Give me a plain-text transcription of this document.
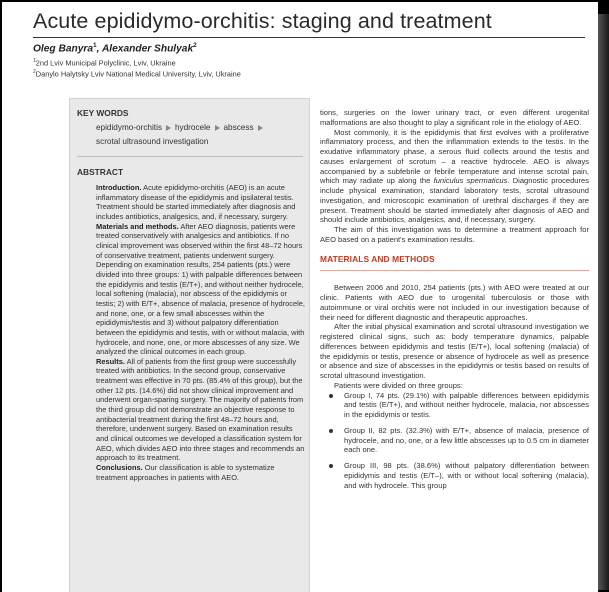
Acute epididymo-orchitis: staging and treatment
Oleg Banyra$^1$, Alexander Shulyak$^2$
$^1$2nd Lviv Municipal Polyclinic, Lviv, Ukraine
$^2$Danylo Halytsky Lviv National Medical University, Lviv, Ukraine
KEY WORDS
epididymo-orchitis hydrocele abscess
scrotal ultrasound investigation
ABSTRACT

Introduction. Acute epididymo-orchitis (AEO) is an acute inflammatory disease of the epididymis and ipsilateral testis. Treatment should be started immediately after diagnosis and includes antibiotics, analgesics, and, if necessary, surgery.

Materials and methods. After AEO diagnosis, patients were treated conservatively with analgesics and antibiotics. If no clinical improvement was observed within the first 48–72 hours of conservative treatment, patients underwent surgery. Depending on examination results, 254 patients (pts.) were divided into three groups: 1) with palpable differences between the epididymis and testis (E/T+), and without neither hydrocele, local softening (malacia), nor abscess of the epididymis or testis; 2) with E/T+, absence of malacia, presence of hydrocele, and none, one, or a few small abscesses within the epididymis/testis and 3) without palpatory differentiation between the epididymis and testis, with or without malacia, with hydrocele, and none, one, or more abscesses of any size. We analyzed the clinical outcomes in each group.

Results. All of patients from the first group were successfully treated with antibiotics. In the second group, conservative treatment was effective in 70 pts. (85.4% of this group), but the other 12 pts. (14.6%) did not show clinical improvement and underwent organ-sparing surgery. The majority of patients from the third group did not demonstrate an objective response to antibacterial treatment during the first 48–72 hours and, therefore, underwent surgery. Based on examination results and clinical outcomes we developed a classification system for AEO, which divides AEO into three stages and recommends an approach to its treatment.

Conclusions. Our classification is able to systematize treatment approaches in patients with AEO.

tions, surgeries on the lower urinary tract, or even different urogenital malformations are also thought to play a significant role in the etiology of AEO.

Most commonly, it is the epididymis that first evolves with a proliferative inflammatory process, and then the inflammation extends to the testis. In the exudative inflammatory phase, a serous fluid collects around the testis and causes enlargement of scrotum – a reactive hydrocele. AEO is always accompanied by a subfebrile or febrile temperature and intense scrotal pain, which may radiate up along the funiculus spermaticus. Diagnostic procedures include physical examination, standard laboratory tests, scrotal ultrasound investigation, and microscopic examination of urethral discharges if they are present. Treatment should be started immediately after diagnosis of AEO and should include antibiotics, analgesics, and, if necessary, surgery.

The aim of this investigation was to determine a treatment approach for AEO based on a patient's examination results.

MATERIALS AND METHODS

Between 2006 and 2010, 254 patients (pts.) with AEO were treated at our clinic. Patients with AEO due to urogenital tuberculosis or those with autoimmune or viral orchitis were not included in our investigation because of their need for different diagnostic and therapeutic approaches.

After the initial physical examination and scrotal ultrasound investigation we registered clinical signs, such as: body temperature dynamics, palpable differences between epididymis and testis (E/T+), local softening (malacia) of the epididymis or testis, presence or absence of hydrocele as well as presence or absence and size of abscesses in the epididymis or testis based on results of scrotal ultrasound investigation.

Patients were divided on three groups:

Group I, 74 pts. (29.1%) with palpable differences between epididymis and testis (E/T+), and without neither hydrocele, malacia, nor abscesses in the epididymis or testis.
Group II, 82 pts. (32.3%) with E/T+, absence of malacia, presence of hydrocele, and no, one, or a few little abscesses up to 0.5 cm in diameter each one.
Group III, 98 pts. (38.6%) without palpatory differentiation between epididymis and testis (E/T–), with or without local softening (malacia), and with hydrocele. This group
